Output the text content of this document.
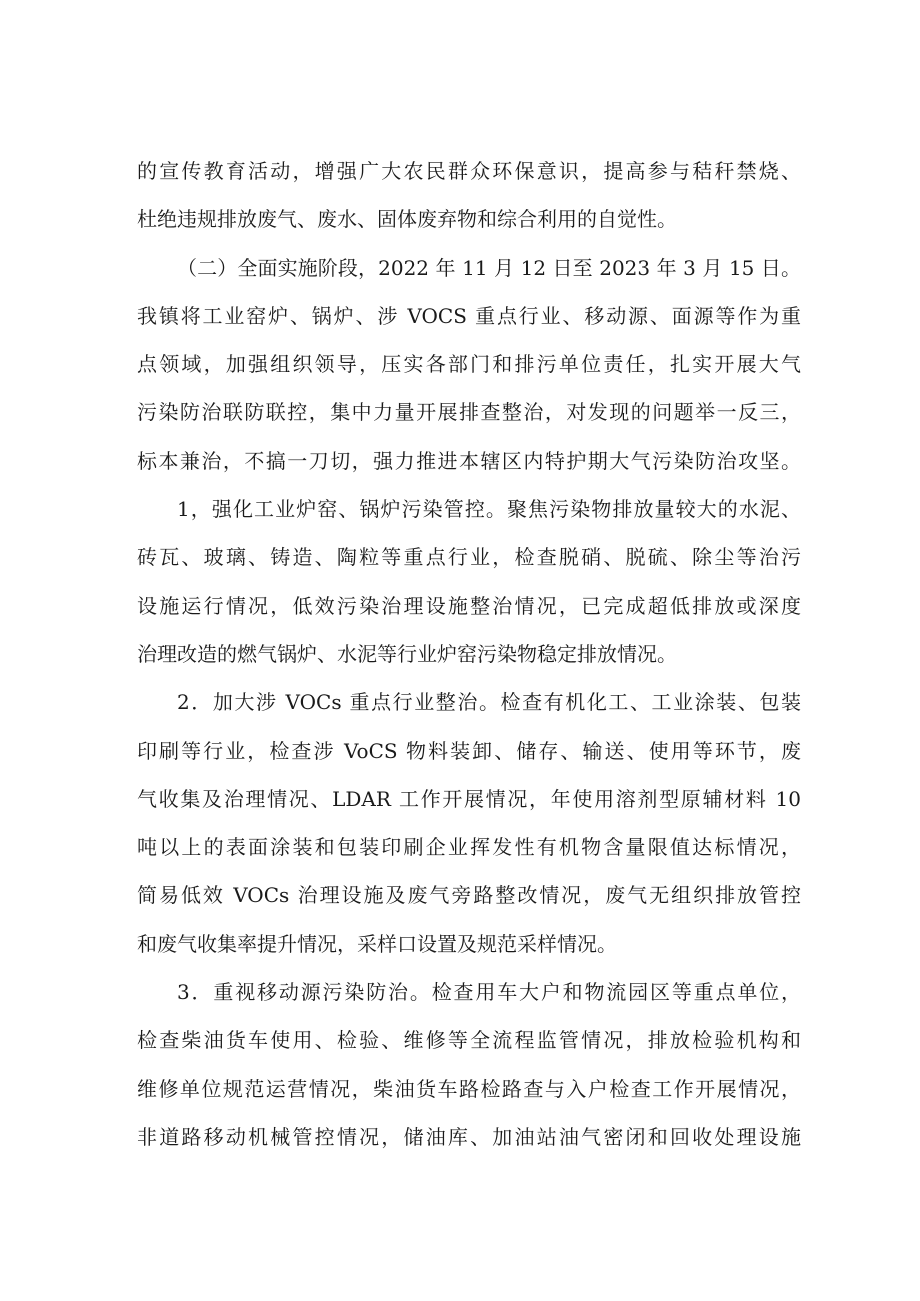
的宣传教育活动，增强广大农民群众环保意识，提高参与秸秆禁烧、
杜绝违规排放废气、废水、固体废弃物和综合利用的自觉性。
（二）全面实施阶段，2022 年 11 月 12 日至 2023 年 3 月 15 日。
我镇将工业窑炉、锅炉、涉 VOCS 重点行业、移动源、面源等作为重
点领域，加强组织领导，压实各部门和排污单位责任，扎实开展大气
污染防治联防联控，集中力量开展排查整治，对发现的问题举一反三，
标本兼治，不搞一刀切，强力推进本辖区内特护期大气污染防治攻坚。
1，强化工业炉窑、锅炉污染管控。聚焦污染物排放量较大的水泥、
砖瓦、玻璃、铸造、陶粒等重点行业，检查脱硝、脱硫、除尘等治污
设施运行情况，低效污染治理设施整治情况，已完成超低排放或深度
治理改造的燃气锅炉、水泥等行业炉窑污染物稳定排放情况。
2．加大涉 VOCs 重点行业整治。检查有机化工、工业涂装、包装
印刷等行业，检查涉 VoCS 物料装卸、储存、输送、使用等环节，废
气收集及治理情况、LDAR 工作开展情况，年使用溶剂型原辅材料 10
吨以上的表面涂装和包装印刷企业挥发性有机物含量限值达标情况，
简易低效 VOCs 治理设施及废气旁路整改情况，废气无组织排放管控
和废气收集率提升情况，采样口设置及规范采样情况。
3．重视移动源污染防治。检查用车大户和物流园区等重点单位，
检查柴油货车使用、检验、维修等全流程监管情况，排放检验机构和
维修单位规范运营情况，柴油货车路检路查与入户检查工作开展情况，
非道路移动机械管控情况，储油库、加油站油气密闭和回收处理设施
